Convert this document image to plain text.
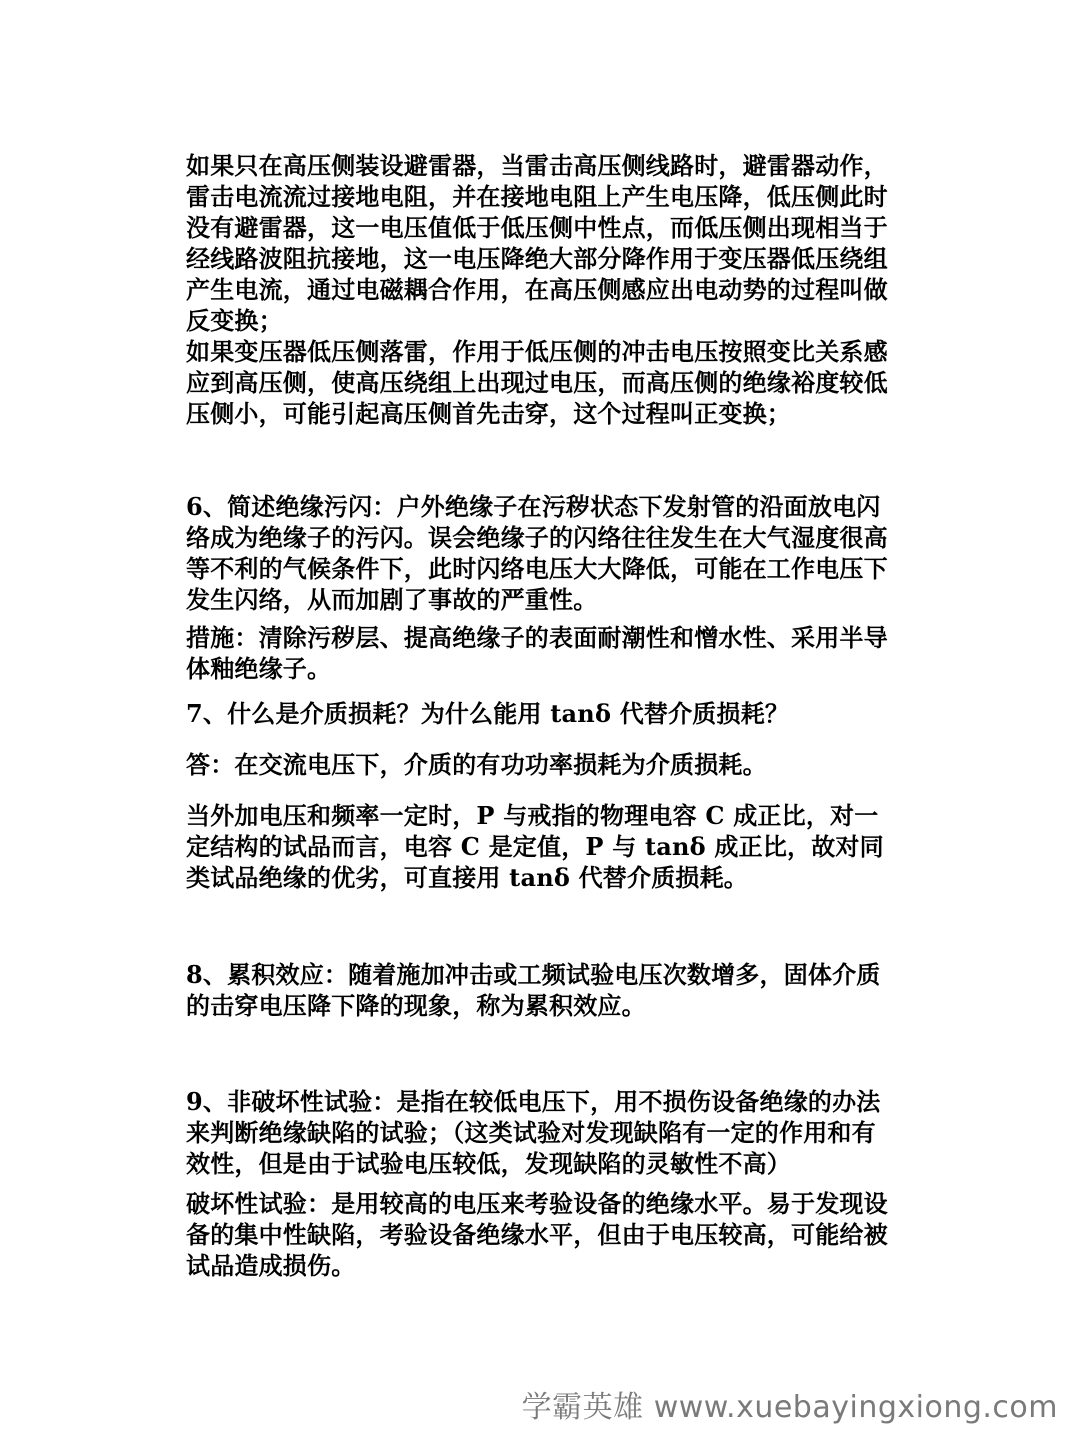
如果只在高压侧装设避雷器，当雷击高压侧线路时，避雷器动作，雷击电流流过接地电阻，并在接地电阻上产生电压降，低压侧此时没有避雷器，这一电压值低于低压侧中性点，而低压侧出现相当于经线路波阻抗接地，这一电压降绝大部分降作用于变压器低压绕组产生电流，通过电磁耦合作用，在高压侧感应出电动势的过程叫做反变换；

如果变压器低压侧落雷，作用于低压侧的冲击电压按照变比关系感应到高压侧，使高压绕组上出现过电压，而高压侧的绝缘裕度较低压侧小，可能引起高压侧首先击穿，这个过程叫正变换；

6、简述绝缘污闪：户外绝缘子在污秽状态下发射管的沿面放电闪络成为绝缘子的污闪。误会绝缘子的闪络往往发生在大气湿度很高等不利的气候条件下，此时闪络电压大大降低，可能在工作电压下发生闪络，从而加剧了事故的严重性。

措施：清除污秽层、提高绝缘子的表面耐潮性和憎水性、采用半导体釉绝缘子。

7、什么是介质损耗？为什么能用 tanδ 代替介质损耗？

答：在交流电压下，介质的有功功率损耗为介质损耗。

当外加电压和频率一定时，P 与戒指的物理电容 C 成正比，对一定结构的试品而言，电容 C 是定值，P 与 tanδ 成正比，故对同类试品绝缘的优劣，可直接用 tanδ 代替介质损耗。

8、累积效应：随着施加冲击或工频试验电压次数增多，固体介质的击穿电压降下降的现象，称为累积效应。

9、非破坏性试验：是指在较低电压下，用不损伤设备绝缘的办法来判断绝缘缺陷的试验；（这类试验对发现缺陷有一定的作用和有效性，但是由于试验电压较低，发现缺陷的灵敏性不高）

破坏性试验：是用较高的电压来考验设备的绝缘水平。易于发现设备的集中性缺陷，考验设备绝缘水平，但由于电压较高，可能给被试品造成损伤。

学霸英雄 www.xuebayingxiong.com
